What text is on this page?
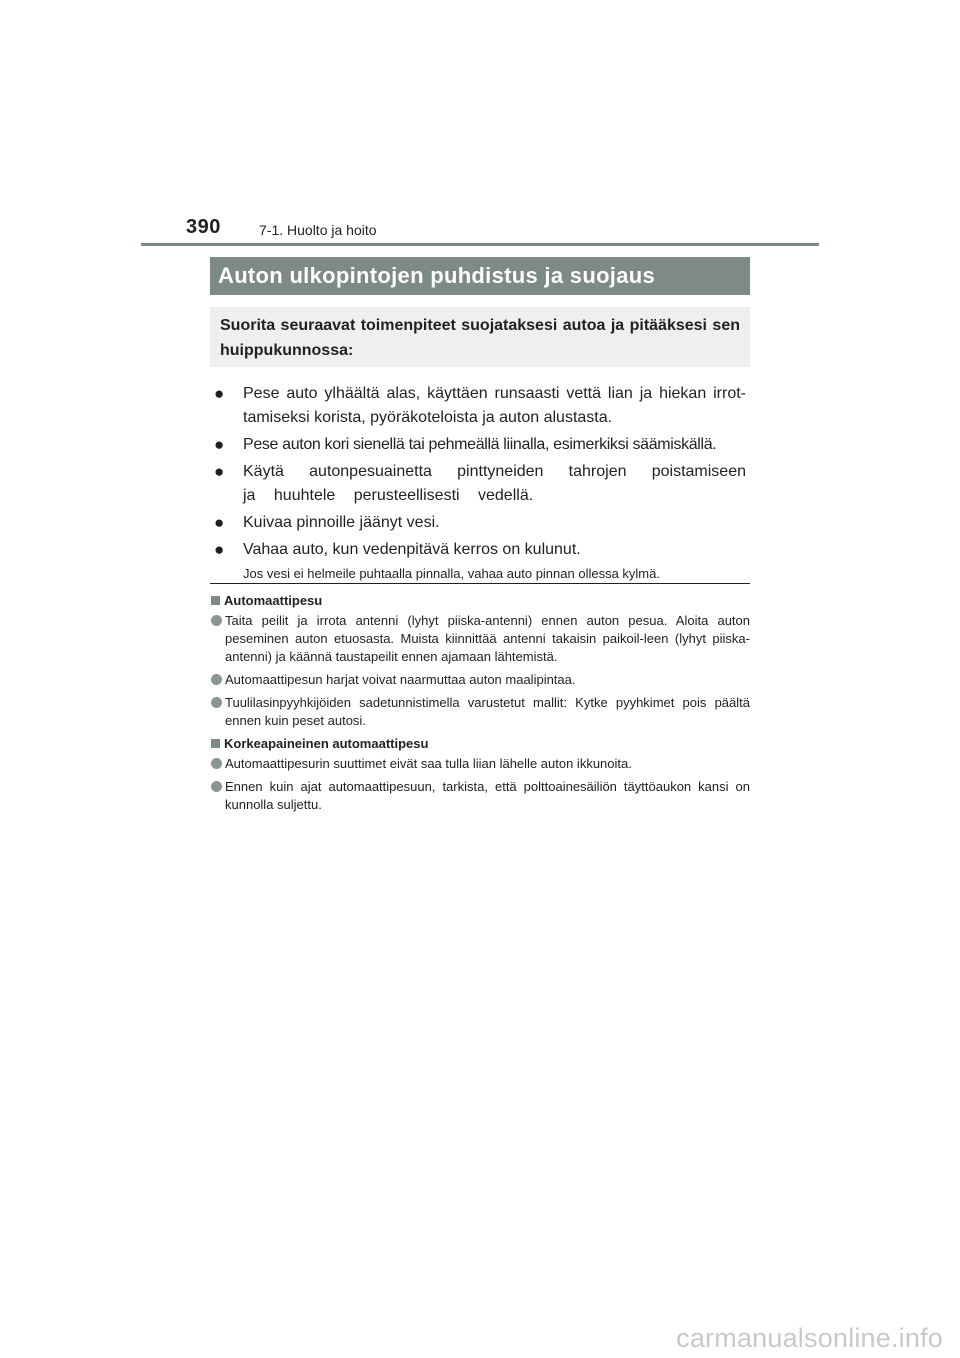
390	7-1. Huolto ja hoito
Auton ulkopintojen puhdistus ja suojaus
Suorita seuraavat toimenpiteet suojataksesi autoa ja pitääksesi sen huippukunnossa:
● Pese auto ylhäältä alas, käyttäen runsaasti vettä lian ja hiekan irrot-tamiseksi korista, pyöräkoteloista ja auton alustasta.
● Pese auton kori sienellä tai pehmeällä liinalla, esimerkiksi säämiskällä.
● Käytä autonpesuainetta pinttyneiden tahrojen poistamiseen ja huuhtele perusteellisesti vedellä.
● Kuivaa pinnoille jäänyt vesi.
● Vahaa auto, kun vedenpitävä kerros on kulunut.
Jos vesi ei helmeile puhtaalla pinnalla, vahaa auto pinnan ollessa kylmä.
Automaattipesu
Taita peilit ja irrota antenni (lyhyt piiska-antenni) ennen auton pesua. Aloita auton peseminen auton etuosasta. Muista kiinnittää antenni takaisin paikoil-leen (lyhyt piiska-antenni) ja käännä taustapeilit ennen ajamaan lähtemistä.
Automaattipesun harjat voivat naarmuttaa auton maalipintaa.
Tuulilasinpyyhkijöiden sadetunnistimella varustetut mallit: Kytke pyyhkimet pois päältä ennen kuin peset autosi.
Korkeapaineinen automaattipesu
Automaattipesurin suuttimet eivät saa tulla liian lähelle auton ikkunoita.
Ennen kuin ajat automaattipesuun, tarkista, että polttoainesäiliön täyttöaukon kansi on kunnolla suljettu.
carmanualsonline.info
